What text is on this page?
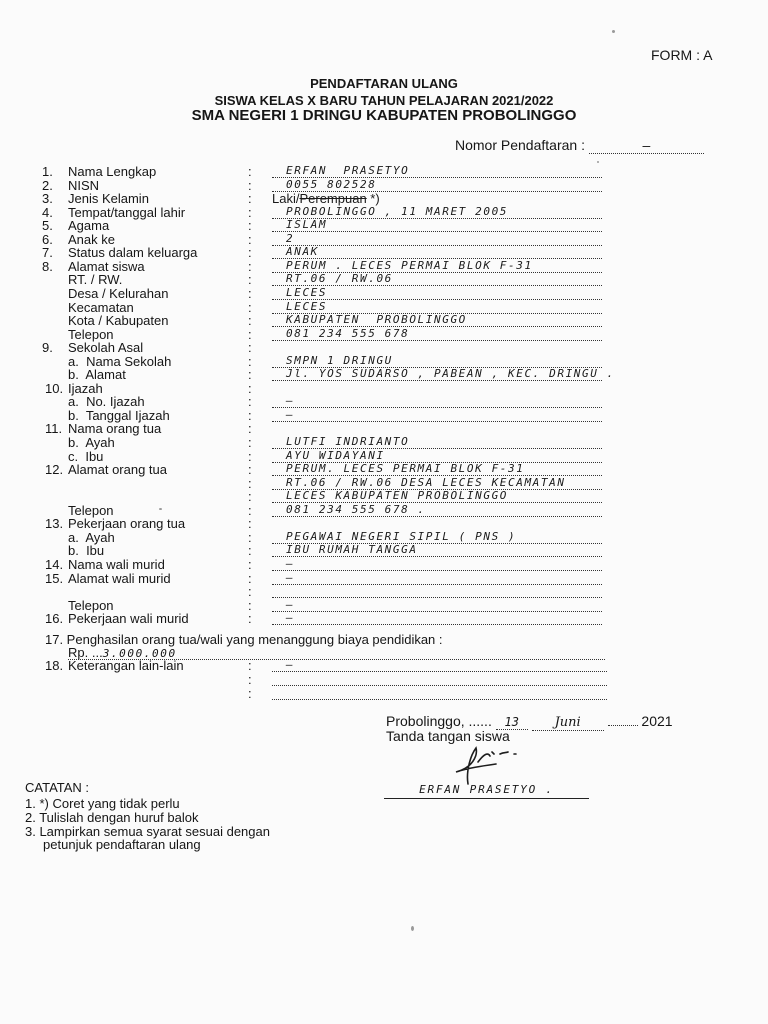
FORM : A
PENDAFTARAN ULANG
SISWA KELAS X BARU TAHUN PELAJARAN 2021/2022
SMA NEGERI 1 DRINGU KABUPATEN PROBOLINGGO
Nomor Pendaftaran :	–
1.	Nama Lengkap	:	ERFAN  PRASETYO
2.	NISN	:	0055 802528
3.	Jenis Kelamin	: Laki/Perempuan *)
4.	Tempat/tanggal lahir	:	PROBOLINGGO , 11 MARET 2005
5.	Agama	:	ISLAM
6.	Anak ke	:	2
7.	Status dalam keluarga	:	ANAK
8.	Alamat siswa	:	PERUM . LECES PERMAI BLOK F-31
RT. / RW.	:	RT.06 / RW.06
Desa / Kelurahan	:	LECES
Kecamatan	:	LECES
Kota / Kabupaten	:	KABUPATEN  PROBOLINGGO
Telepon	:	081 234 555 678
9.	Sekolah Asal	:
a.  Nama Sekolah	:	SMPN 1 DRINGU
b.  Alamat	:	Jl. YOS SUDARSO , PABEAN , KEC. DRINGU .
10. Ijazah	:
a.  No. Ijazah	:	–
b.  Tanggal Ijazah	:	–
11. Nama orang tua	:
b.  Ayah	:	LUTFI INDRIANTO
c.  Ibu	:	AYU WIDAYANI
12. Alamat orang tua	:	PERUM. LECES PERMAI BLOK F-31
:	RT.06 / RW.06 DESA LECES KECAMATAN
:	LECES KABUPATEN PROBOLINGGO
Telepon	:	081 234 555 678 .
13. Pekerjaan orang tua	:
a.  Ayah	:	PEGAWAI NEGERI SIPIL ( PNS )
b.  Ibu	:	IBU RUMAH TANGGA
14. Nama wali murid	:	–
15. Alamat wali murid	:	–
:
Telepon	:	–
16. Pekerjaan wali murid	:	–
17. Penghasilan orang tua/wali yang menanggung biaya pendidikan :
Rp. ...3.000.000
18. Keterangan lain-lain	:	–
:
:
Probolinggo, ...... 13	Juni	2021
Tanda tangan siswa
ERFAN PRASETYO .
CATATAN :
1. *) Coret yang tidak perlu
2. Tulislah dengan huruf balok
3. Lampirkan semua syarat sesuai dengan
petunjuk pendaftaran ulang
